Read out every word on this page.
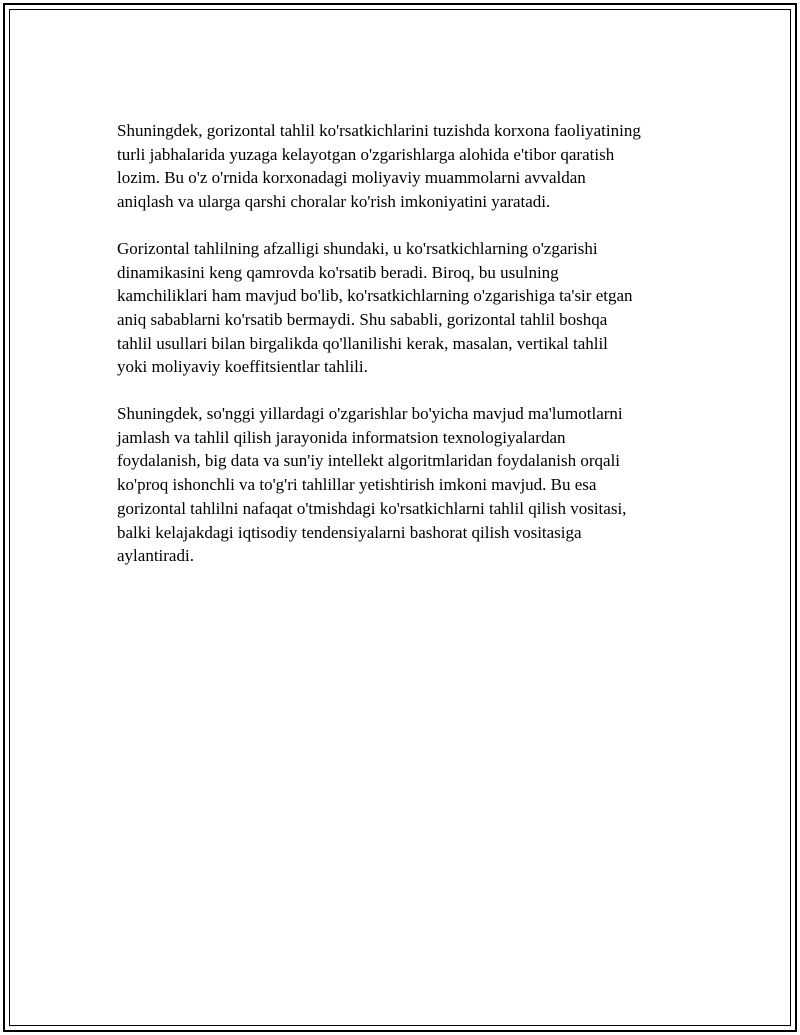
Shuningdek, gorizontal tahlil ko'rsatkichlarini tuzishda korxona faoliyatining
turli jabhalarida yuzaga kelayotgan o'zgarishlarga alohida e'tibor qaratish
lozim. Bu o'z o'rnida korxonadagi moliyaviy muammolarni avvaldan
aniqlash va ularga qarshi choralar ko'rish imkoniyatini yaratadi.

Gorizontal tahlilning afzalligi shundaki, u ko'rsatkichlarning o'zgarishi
dinamikasini keng qamrovda ko'rsatib beradi. Biroq, bu usulning
kamchiliklari ham mavjud bo'lib, ko'rsatkichlarning o'zgarishiga ta'sir etgan
aniq sabablarni ko'rsatib bermaydi. Shu sababli, gorizontal tahlil boshqa
tahlil usullari bilan birgalikda qo'llanilishi kerak, masalan, vertikal tahlil
yoki moliyaviy koeffitsientlar tahlili.

Shuningdek, so'nggi yillardagi o'zgarishlar bo'yicha mavjud ma'lumotlarni
jamlash va tahlil qilish jarayonida informatsion texnologiyalardan
foydalanish, big data va sun'iy intellekt algoritmlaridan foydalanish orqali
ko'proq ishonchli va to'g'ri tahlillar yetishtirish imkoni mavjud. Bu esa
gorizontal tahlilni nafaqat o'tmishdagi ko'rsatkichlarni tahlil qilish vositasi,
balki kelajakdagi iqtisodiy tendensiyalarni bashorat qilish vositasiga
aylantiradi.
